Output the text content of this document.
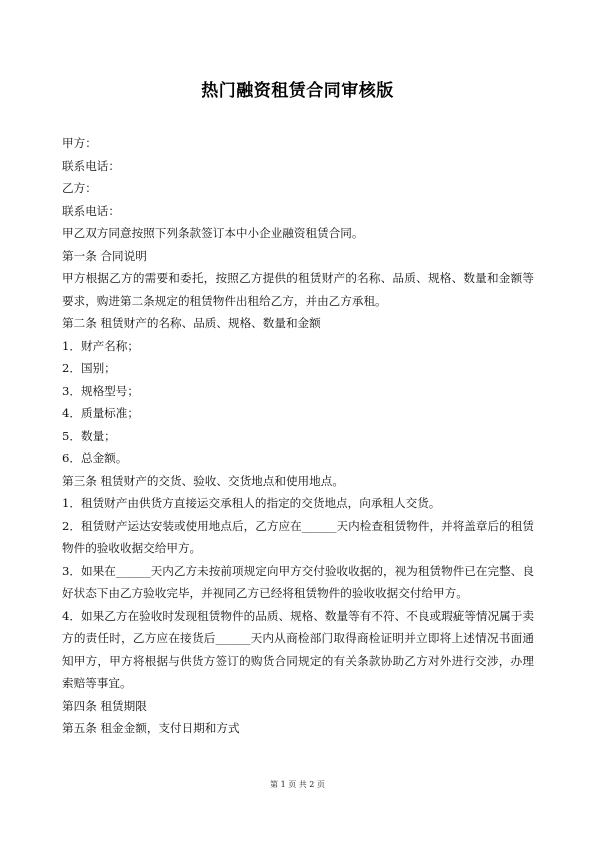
热门融资租赁合同审核版

甲方：

联系电话：

乙方：

联系电话：

甲乙双方同意按照下列条款签订本中小企业融资租赁合同。

第一条 合同说明

甲方根据乙方的需要和委托，按照乙方提供的租赁财产的名称、品质、规格、数量和金额等要求，购进第二条规定的租赁物件出租给乙方，并由乙方承租。

第二条 租赁财产的名称、品质、规格、数量和金额

1．财产名称；

2．国别；

3．规格型号；

4．质量标准；

5．数量；

6．总金额。

第三条 租赁财产的交货、验收、交货地点和使用地点。

1．租赁财产由供货方直接运交承租人的指定的交货地点，向承租人交货。

2．租赁财产运达安装或使用地点后，乙方应在______天内检查租赁物件，并将盖章后的租赁物件的验收收据交给甲方。

3．如果在______天内乙方未按前项规定向甲方交付验收收据的，视为租赁物件已在完整、良好状态下由乙方验收完毕，并视同乙方已经将租赁物件的验收收据交付给甲方。

4．如果乙方在验收时发现租赁物件的品质、规格、数量等有不符、不良或瑕疵等情况属于卖方的责任时，乙方应在接货后______天内从商检部门取得商检证明并立即将上述情况书面通知甲方，甲方将根据与供货方签订的购货合同规定的有关条款协助乙方对外进行交涉，办理索赔等事宜。

第四条 租赁期限

第五条 租金金额，支付日期和方式

第 1 页 共 2 页
